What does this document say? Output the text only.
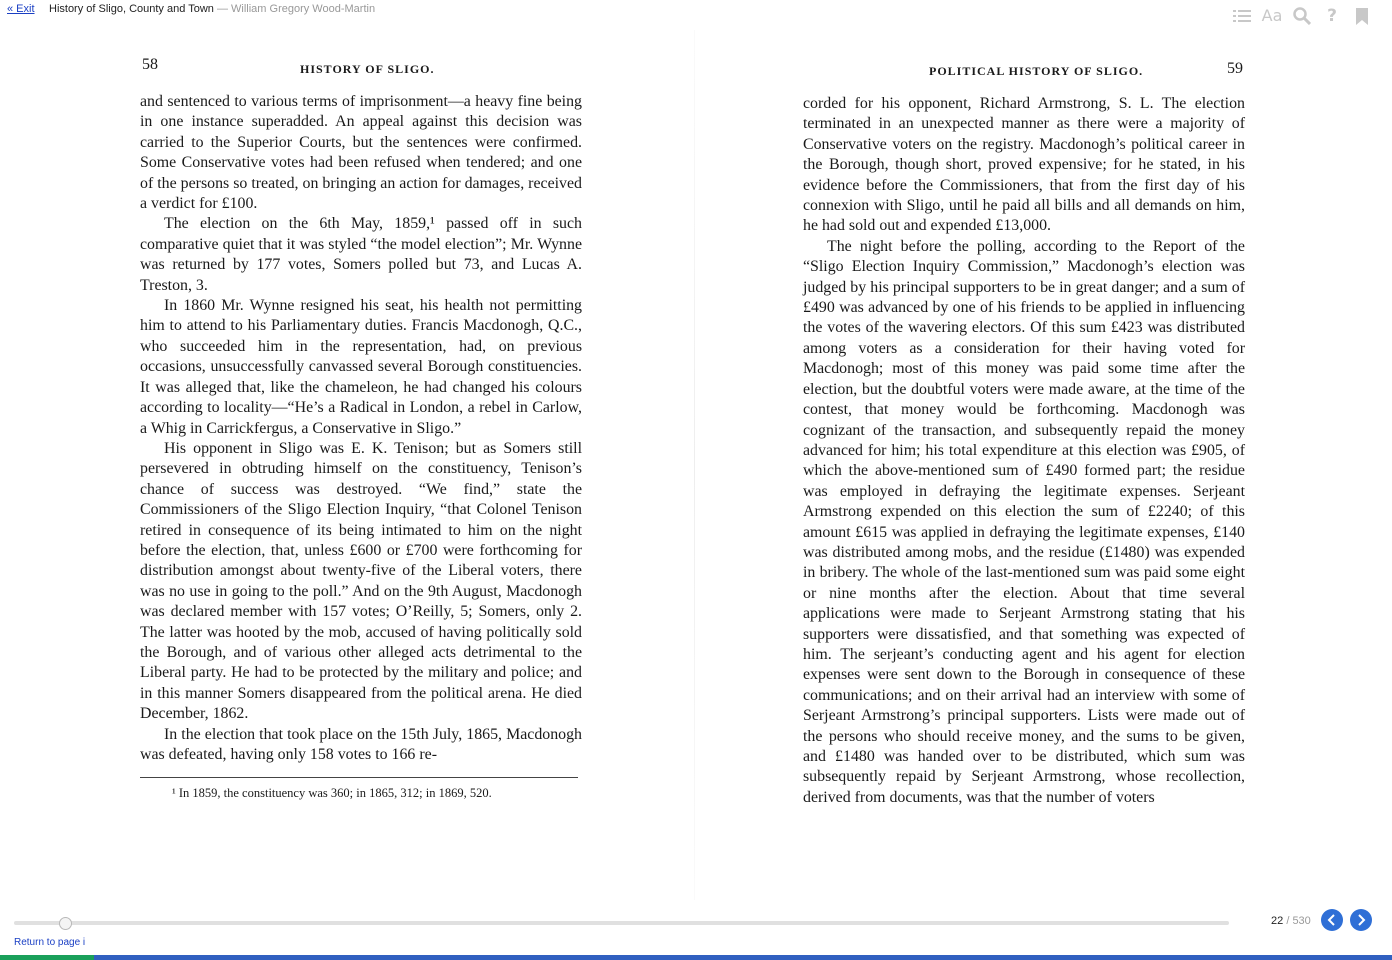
« Exit History of Sligo, County and Town — William Gregory Wood-Martin	Aa	?
58	HISTORY OF SLIGO.

and sentenced to various terms of imprisonment—a heavy fine being in one instance superadded. An appeal against this decision was carried to the Superior Courts, but the sentences were confirmed. Some Conservative votes had been refused when tendered; and one of the persons so treated, on bringing an action for damages, received a verdict for £100.

The election on the 6th May, 1859,¹ passed off in such comparative quiet that it was styled “the model election”; Mr. Wynne was returned by 177 votes, Somers polled but 73, and Lucas A. Treston, 3.

In 1860 Mr. Wynne resigned his seat, his health not permitting him to attend to his Parliamentary duties. Francis Macdonogh, Q.C., who succeeded him in the representation, had, on previous occasions, unsuccessfully canvassed several Borough constituencies. It was alleged that, like the chameleon, he had changed his colours according to locality—“He’s a Radical in London, a rebel in Carlow, a Whig in Carrickfergus, a Conservative in Sligo.”

His opponent in Sligo was E. K. Tenison; but as Somers still persevered in obtruding himself on the constituency, Tenison’s chance of success was destroyed. “We find,” state the Commissioners of the Sligo Election Inquiry, “that Colonel Tenison retired in consequence of its being intimated to him on the night before the election, that, unless £600 or £700 were forthcoming for distribution amongst about twenty-five of the Liberal voters, there was no use in going to the poll.” And on the 9th August, Macdonogh was declared member with 157 votes; O’Reilly, 5; Somers, only 2. The latter was hooted by the mob, accused of having politically sold the Borough, and of various other alleged acts detrimental to the Liberal party. He had to be protected by the military and police; and in this manner Somers disappeared from the political arena. He died December, 1862.

In the election that took place on the 15th July, 1865, Macdonogh was defeated, having only 158 votes to 166 re-

¹ In 1859, the constituency was 360; in 1865, 312; in 1869, 520.
POLITICAL HISTORY OF SLIGO.	59

corded for his opponent, Richard Armstrong, S. L. The election terminated in an unexpected manner as there were a majority of Conservative voters on the registry. Macdonogh’s political career in the Borough, though short, proved expensive; for he stated, in his evidence before the Commissioners, that from the first day of his connexion with Sligo, until he paid all bills and all demands on him, he had sold out and expended £13,000.

The night before the polling, according to the Report of the “Sligo Election Inquiry Commission,” Macdonogh’s election was judged by his principal supporters to be in great danger; and a sum of £490 was advanced by one of his friends to be applied in influencing the votes of the wavering electors. Of this sum £423 was distributed among voters as a consideration for their having voted for Macdonogh; most of this money was paid some time after the election, but the doubtful voters were made aware, at the time of the contest, that money would be forthcoming. Macdonogh was cognizant of the transaction, and subsequently repaid the money advanced for him; his total expenditure at this election was £905, of which the above-mentioned sum of £490 formed part; the residue was employed in defraying the legitimate expenses. Serjeant Armstrong expended on this election the sum of £2240; of this amount £615 was applied in defraying the legitimate expenses, £140 was distributed among mobs, and the residue (£1480) was expended in bribery. The whole of the last-mentioned sum was paid some eight or nine months after the election. About that time several applications were made to Serjeant Armstrong stating that his supporters were dissatisfied, and that something was expected of him. The serjeant’s conducting agent and his agent for election expenses were sent down to the Borough in consequence of these communications; and on their arrival had an interview with some of Serjeant Armstrong’s principal supporters. Lists were made out of the persons who should receive money, and the sums to be given, and £1480 was handed over to be distributed, which sum was subsequently repaid by Serjeant Armstrong, whose recollection, derived from documents, was that the number of voters

22 / 530
Return to page i
